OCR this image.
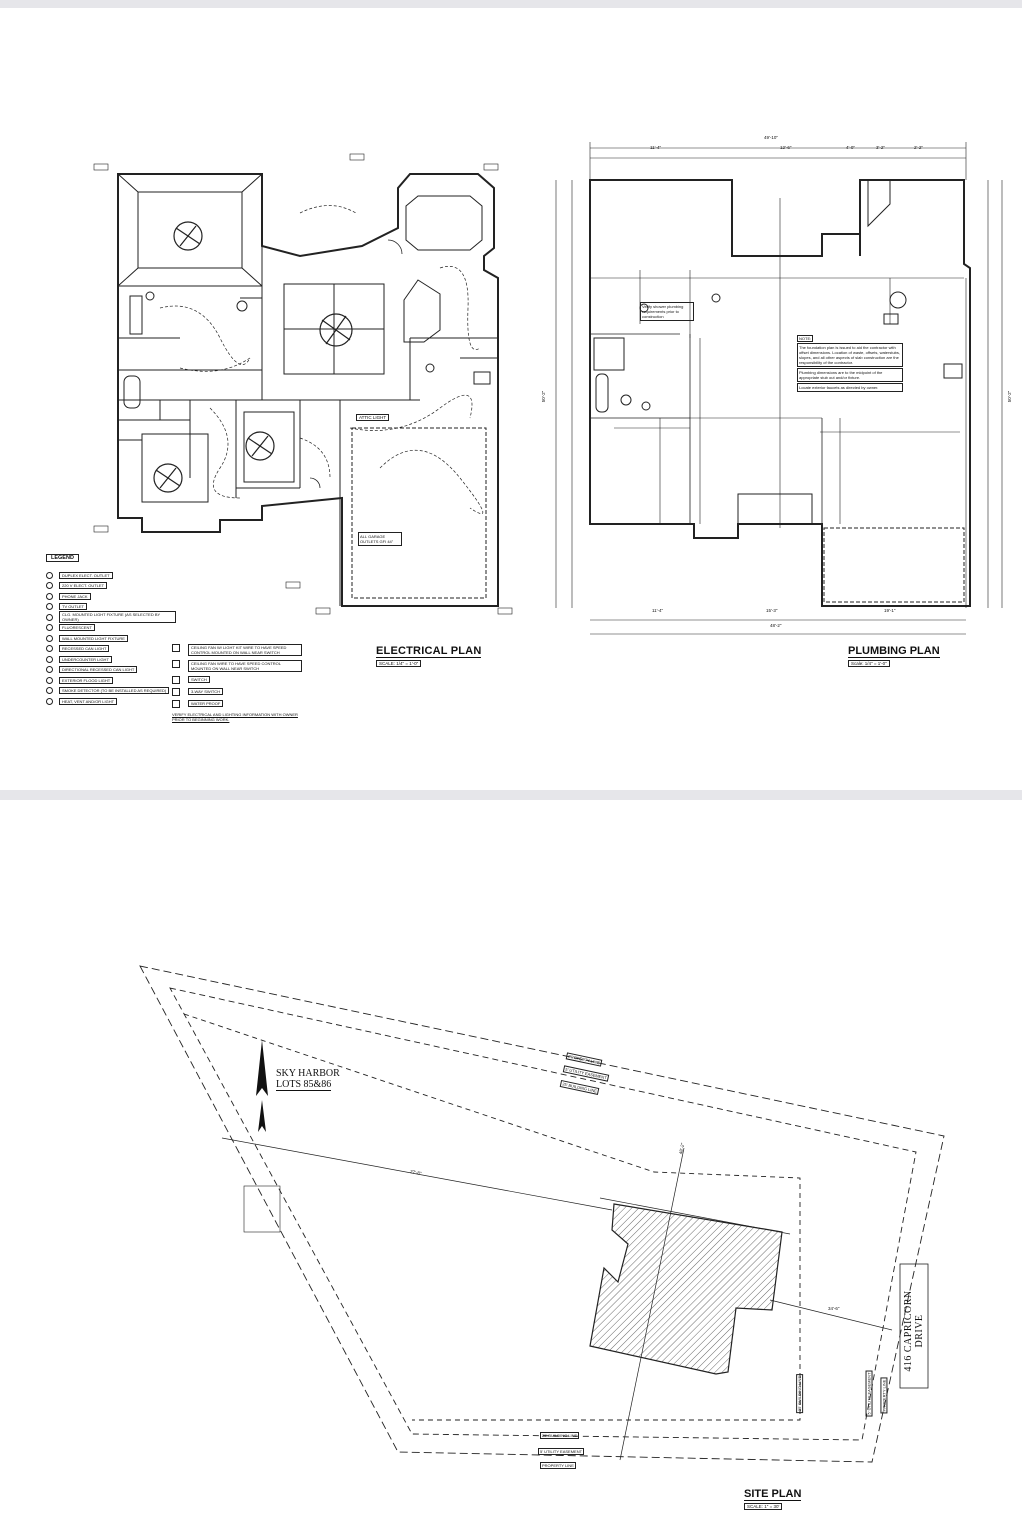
ATTIC LIGHT
ALL GARAGE OUTLETS GFI 44"
LEGEND
DUPLEX ELECT. OUTLET
220 V ELECT. OUTLET
PHONE JACK
TV OUTLET
CLG. MOUNTED LIGHT FIXTURE (AS SELECTED BY OWNER)
FLUORESCENT
WALL MOUNTED LIGHT FIXTURE
RECESSED CAN LIGHT
UNDERCOUNTER LIGHT
DIRECTIONAL RECESSED CAN LIGHT
EXTERIOR FLOOD LIGHT
SMOKE DETECTOR (TO BE INSTALLED AS REQUIRED)
HEAT, VENT AND/OR LIGHT
CEILING FAN W/ LIGHT KIT WIRE TO HAVE SPEED CONTROL MOUNTED ON WALL NEAR SWITCH
CEILING FAN WIRE TO HAVE SPEED CONTROL MOUNTED ON WALL NEAR SWITCH
SWITCH
3-WAY SWITCH
WATER PROOF
VERIFY ELECTRICAL AND LIGHTING INFORMATION WITH OWNER PRIOR TO BEGINNING WORK.
ELECTRICAL PLAN
SCALE: 1/4" = 1'-0"
49'-10"
11'-4"	12'-6"	4'-0"	3'-2"	2'-2"
11'-4"	15'-3"	19'-1"
48'-2"
50'-2"	50'-2"
Verify shower plumbing requirements prior to construction
NOTE:
The foundation plan is issued to aid the contractor with offset dimensions. Location of waste, offsets, waterstubs, slopes, and all other aspects of slab construction are the responsibility of the contractor.
Plumbing dimensions are to the midpoint of the appropriate stub out and/or fixture.
Locate exterior faucets as directed by owner.
PLUMBING PLAN
Scale: 1/4" = 1'-0"
SKY HARBOR
LOTS 85&86
416 CAPRICORN DRIVE
PROPERTY LINE
5' UTILITY EASEMENT
25' BUILDING LINE
25' BUILDING LINE
5' UTILITY EASEMENT
PROPERTY LINE
25' BUILDING LINE	5' UTILITY EASEMENT PROPERTY LINE
27'-8"
34'-6"
48'-2"
SITE PLAN
SCALE: 1" = 30'
